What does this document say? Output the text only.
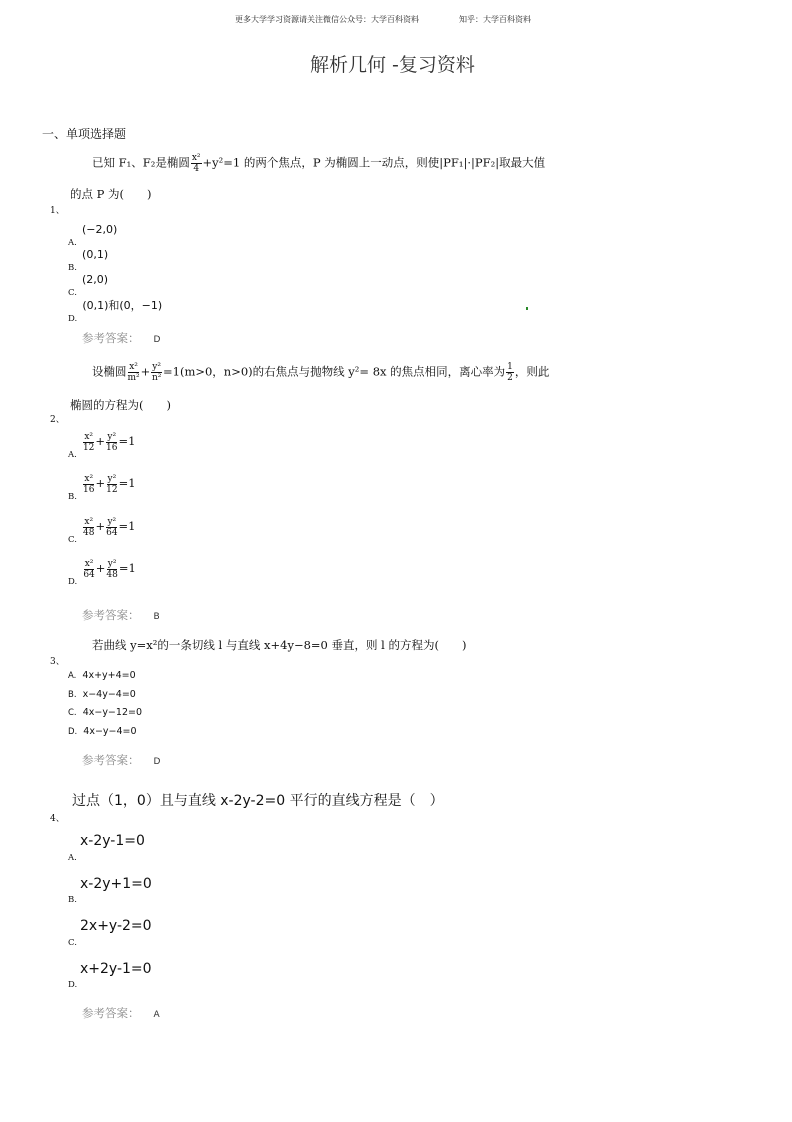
更多大学学习资源请关注微信公众号：大学百科资料	知乎：大学百科资料
解析几何 -复习资料
一、单项选择题
已知 F₁、F₂是椭圆 $\frac{\text{x²}}{4} +y^2=1$ 的两个焦点，P 为椭圆上一动点，则使|PF₁|·|PF₂|取最大值
的点 P 为(　　)
1、
$_{A.}$ (−2,0)
$_{B.}$ (0,1)
$_{C.}$ (2,0)
$_{D.}$ (0,1)和(0，−1)
参考答案： D
设椭圆 $\frac{\text{x²}}{\text{m²}} + \frac{\text{y²}}{\text{n²}} =1(m>0$，n>0)的右焦点与抛物线 y²= 8x 的焦点相同，离心率为 $\frac{1}{2}$ ，则此
椭圆的方程为(　　)
2、
$_{A.}$
$\frac{\text{x²}}{12} + \frac{\text{y²}}{16} =1$
$_{B.}$
$\frac{\text{x²}}{16} + \frac{\text{y²}}{12} =1$
$_{C.}$
$\frac{\text{x²}}{48} + \frac{\text{y²}}{64} =1$
$_{D.}$
$\frac{\text{x²}}{64} + \frac{\text{y²}}{48} =1$
参考答案： B
若曲线 y=x²的一条切线 l 与直线 x+4y−8=0 垂直，则 l 的方程为(　　)
3、
A. 4x+y+4=0
B. x−4y−4=0
C. 4x−y−12=0
D. 4x−y−4=0
参考答案： D
过点（1，0）且与直线 x-2y-2=0 平行的直线方程是（　）
4、
x-2y-1=0
A.
x-2y+1=0
B.
2x+y-2=0
C.
x+2y-1=0
D.
参考答案： A
